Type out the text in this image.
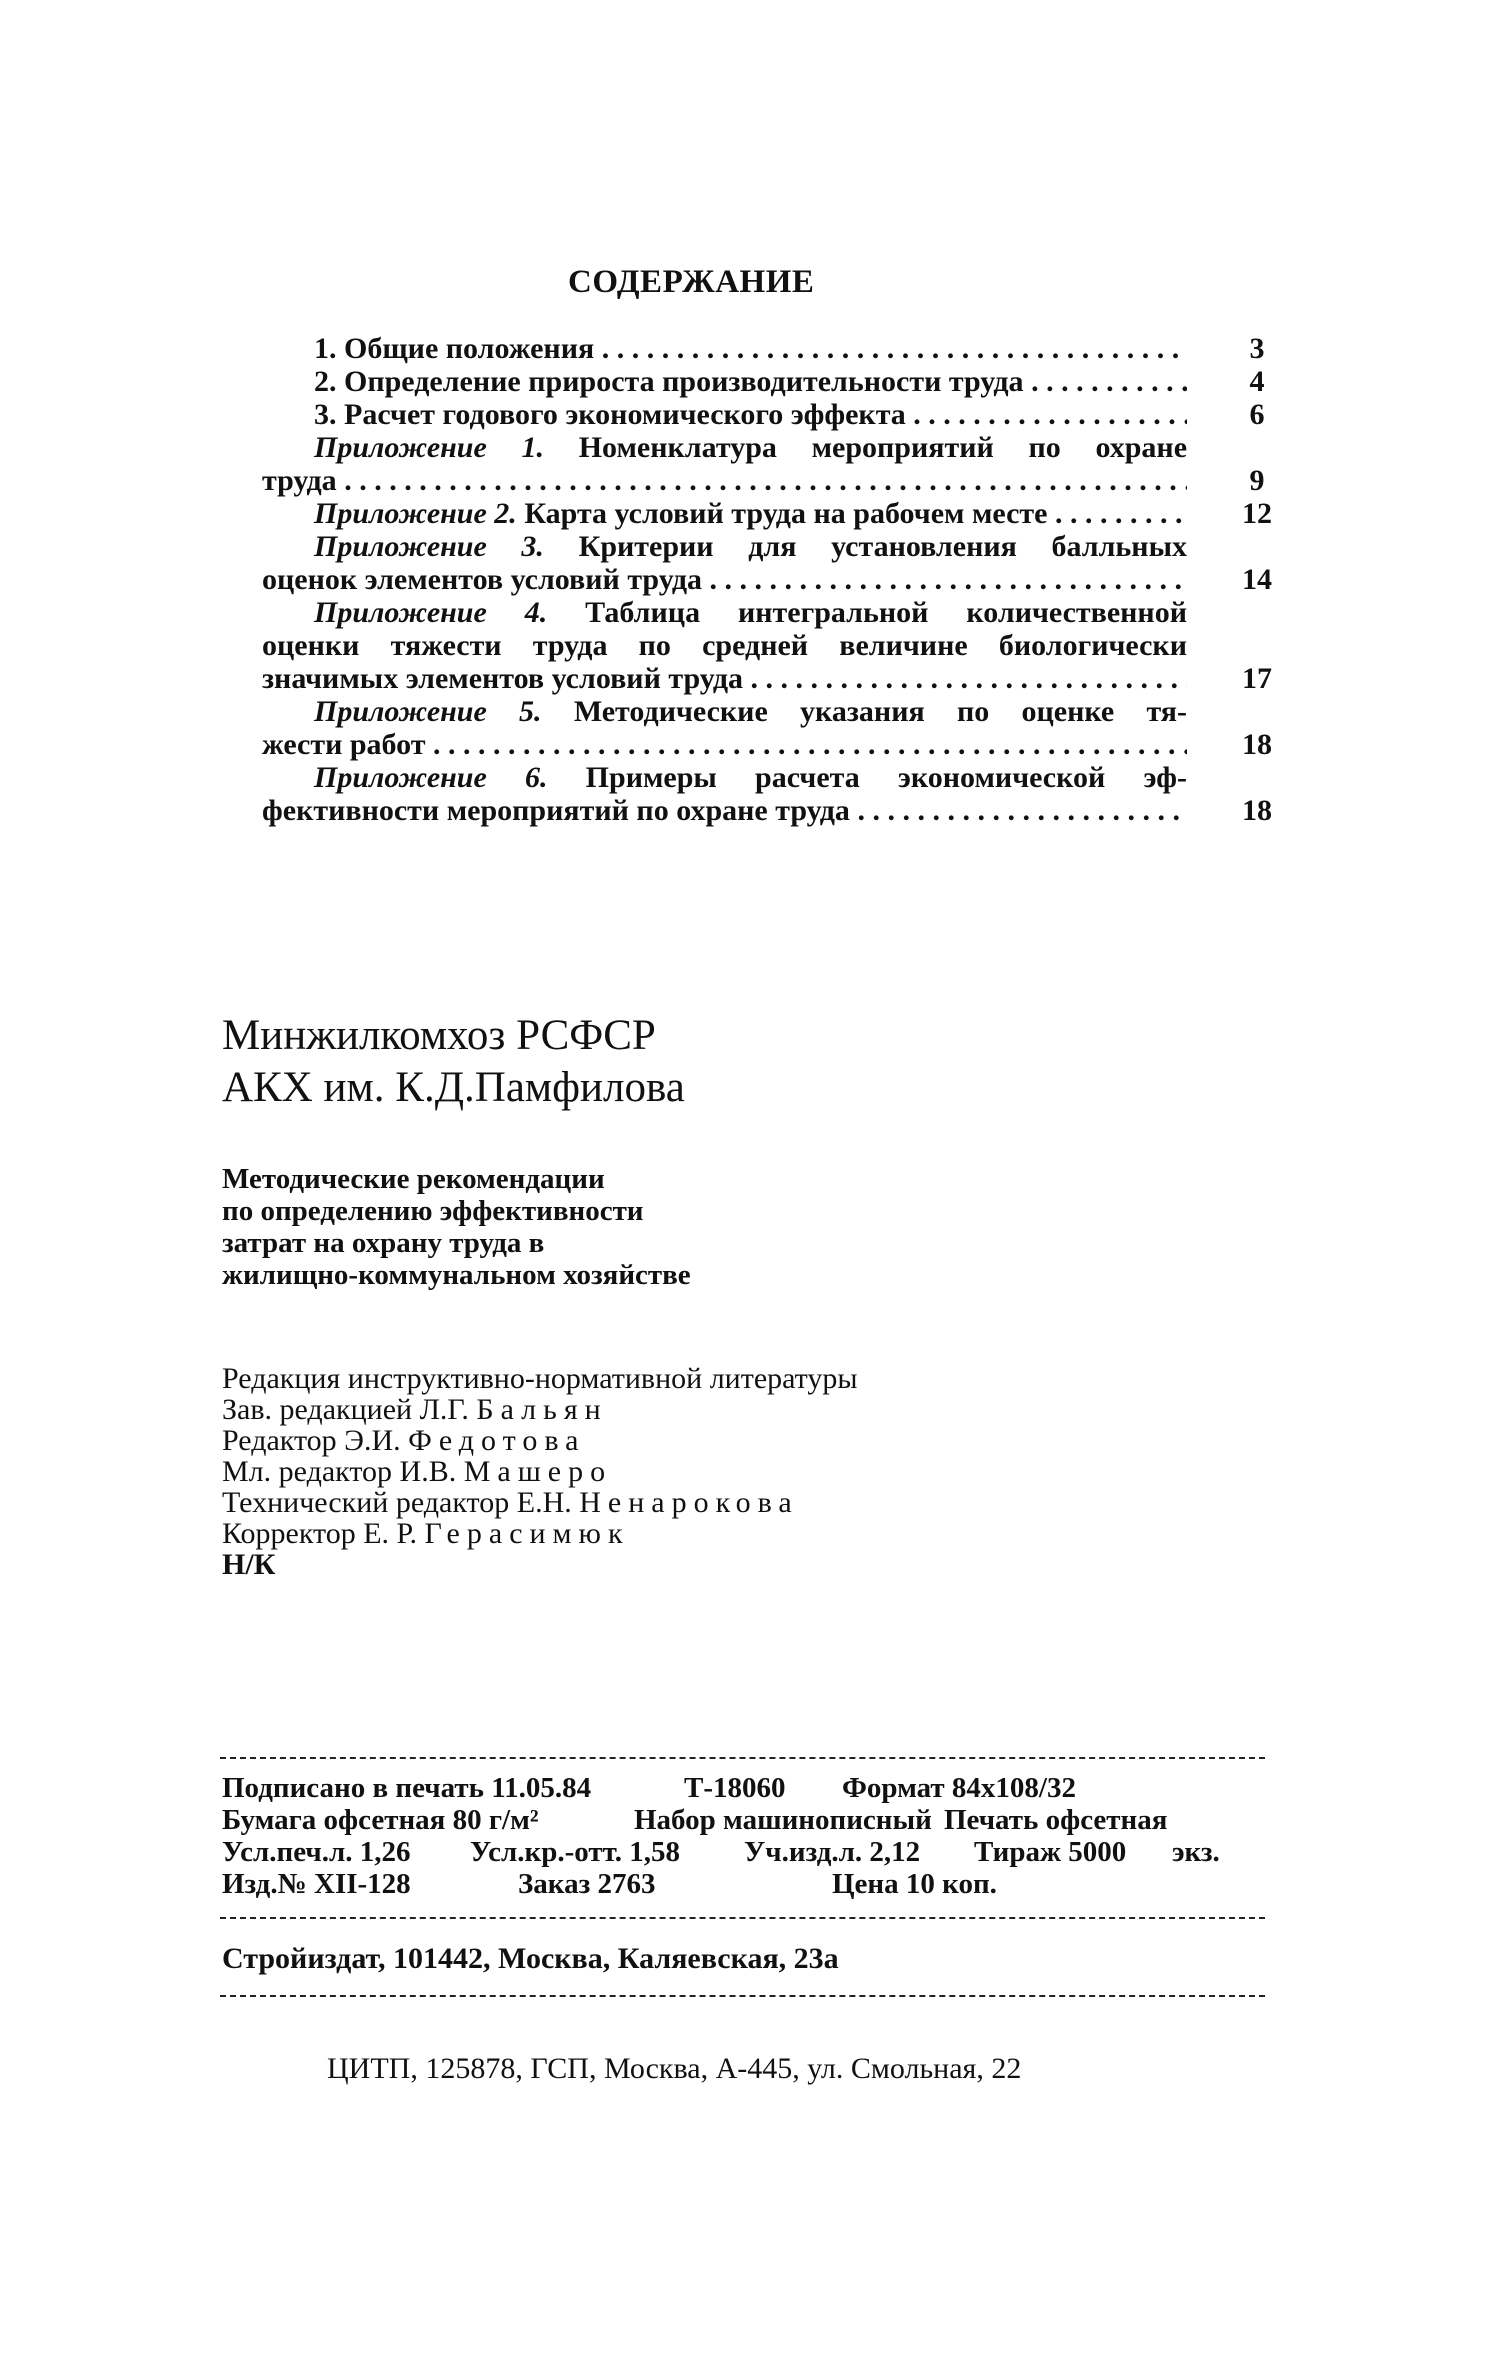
СОДЕРЖАНИЕ
1. Общие положения . . .	3
2. Определение прироста производительности труда . . .	4
3. Расчет годового экономического эффекта . . .	6
Приложение 1. Номенклатура мероприятий по охране
труда . . .	9
Приложение 2. Карта условий труда на рабочем месте . . .	12
Приложение 3. Критерии для установления балльных
оценок элементов условий труда . . .	14
Приложение 4. Таблица интегральной количественной
оценки тяжести труда по средней величине биологически
значимых элементов условий труда . . .	17
Приложение 5. Методические указания по оценке тя-
жести работ . . .	18
Приложение 6. Примеры расчета экономической эф-
фективности мероприятий по охране труда . . .	18
Минжилкомхоз РСФСР
АКХ им. К.Д.Памфилова
Методические рекомендации
по определению эффективности
затрат на охрану труда в
жилищно-коммунальном хозяйстве
Редакция инструктивно-нормативной литературы
Зав. редакцией Л.Г. Бальян
Редактор Э.И. Федотова
Мл. редактор И.В. Машеро
Технический редактор Е.Н. Ненарокова
Корректор Е. Р. Герасимюк
Н/К
Подписано в печать 11.05.84	Т-18060 Формат 84х108/32
Бумага офсетная 80 г/м²	Набор машинописный Печать офсетная
Усл.печ.л. 1,26 Усл.кр.-отт. 1,58 Уч.изд.л. 2,12 Тираж 5000 экз.
Изд.№ XII-128	Заказ 2763	Цена 10 коп.
Стройиздат, 101442, Москва, Каляевская, 23а
ЦИТП, 125878, ГСП, Москва, А-445, ул. Смольная, 22
